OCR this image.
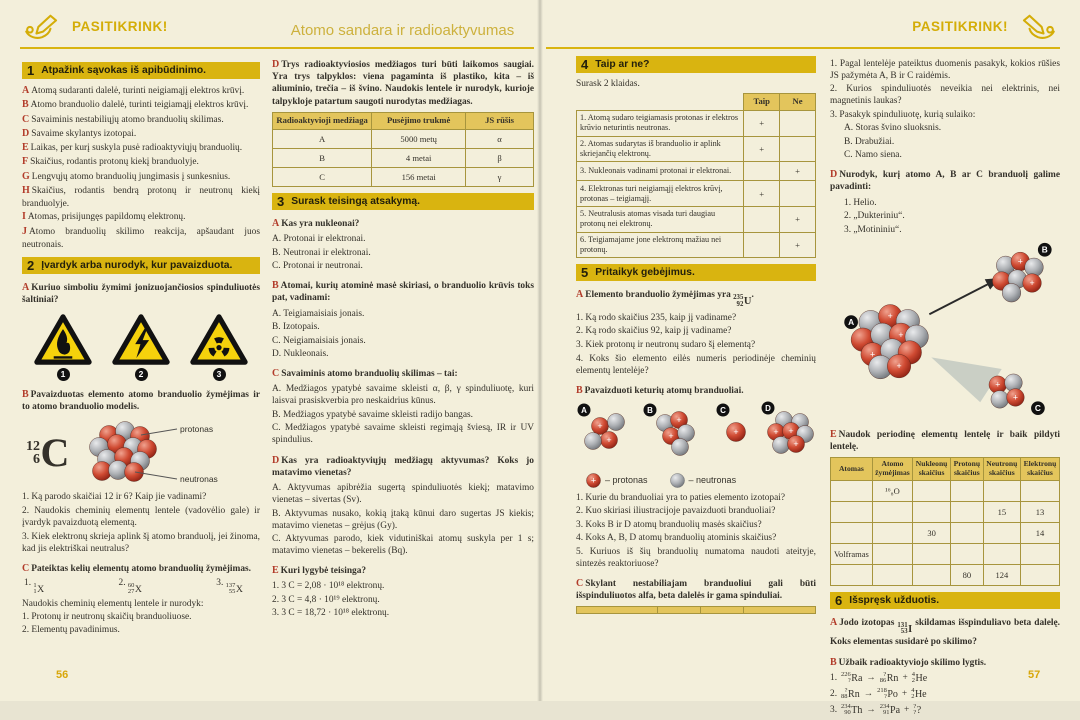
PASITIKRINK!	Atomo sandara ir radioaktyvumas	PASITIKRINK!
1 Atpažink sąvokas iš apibūdinimo.
A Atomą sudaranti dalelė, turinti neigiamąjį elektros krūvį.
B Atomo branduolio dalelė, turinti teigiamąjį elektros krūvį.
C Savaiminis nestabiliųjų atomo branduolių skilimas.
D Savaime skylantys izotopai.
E Laikas, per kurį suskyla pusė radioaktyviųjų branduolių.
F Skaičius, rodantis protonų kiekį branduolyje.
G Lengvųjų atomo branduolių jungimasis į sunkesnius.
H Skaičius, rodantis bendrą protonų ir neutronų kiekį branduolyje.
I Atomas, prisijungęs papildomų elektronų.
J Atomo branduolių skilimo reakcija, apšaudant juos neutronais.
2 Įvardyk arba nurodyk, kur pavaizduota.

A Kuriuo simboliu žymimi jonizuojančiosios spinduliuotės šaltiniai?

1	2	3

B Pavaizduotas elemento atomo branduolio žymėjimas ir to atomo branduolio modelis.

12
6 C
protonas
neutronas
1. Ką parodo skaičiai 12 ir 6? Kaip jie vadinami?
2. Naudokis cheminių elementų lentele (vadovėlio gale) ir įvardyk pavaizduotą elementą.
3. Kiek elektronų skrieja aplink šį atomo branduolį, jei žinoma, kad jis elektriškai neutralus?

C Pateiktas kelių elementų atomo branduolių žymėjimas.

1. 1
1 X
2. 60
27 X
3. 137
55 X
Naudokis cheminių elementų lentele ir nurodyk:
1. Protonų ir neutronų skaičių branduoliuose.
2. Elementų pavadinimus.

D Trys radioaktyviosios medžiagos turi būti laikomos saugiai. Yra trys talpyklos: viena pagaminta iš plastiko, kita – iš aliuminio, trečia – iš švino. Naudokis lentele ir nurodyk, kurioje talpykloje patartum saugoti nurodytas medžiagas.

Radioaktyvioji medžiaga	Pusėjimo trukmė	JS rūšis
A	5000 metų	α
B	4 metai	β
C	156 metai	γ
3 Surask teisingą atsakymą.

A Kas yra nukleonai?

A. Protonai ir elektronai.
B. Neutronai ir elektronai.
C. Protonai ir neutronai.

B Atomai, kurių atominė masė skiriasi, o branduolio krūvis toks pat, vadinami:

A. Teigiamaisiais jonais.
B. Izotopais.
C. Neigiamaisiais jonais.
D. Nukleonais.

C Savaiminis atomo branduolių skilimas – tai:

A. Medžiagos ypatybė savaime skleisti α, β, γ spinduliuotę, kuri laisvai prasiskverbia pro neskaidrius kūnus.
B. Medžiagos ypatybė savaime skleisti radijo bangas.
C. Medžiagos ypatybė savaime skleisti regimąją šviesą, IR ir UV spindulius.

D Kas yra radioaktyviųjų medžiagų aktyvumas? Koks jo matavimo vienetas?

A. Aktyvumas apibrėžia sugertą spinduliuotės kiekį; matavimo vienetas – sivertas (Sv).
B. Aktyvumas nusako, kokią įtaką kūnui daro sugertas JS kiekis; matavimo vienetas – grėjus (Gy).
C. Aktyvumas parodo, kiek vidutiniškai atomų suskyla per 1 s; matavimo vienetas – bekerelis (Bq).

E Kuri lygybė teisinga?

1. 3 C = 2,08 · 10¹⁸ elektronų.
2. 3 C = 4,8 · 10¹⁹ elektronų.
3. 3 C = 18,72 · 10¹⁸ elektronų.
4 Taip ar ne?
Surask 2 klaidas.
	Taip	Ne
1. Atomą sudaro teigiamasis protonas ir elektros krūvio neturintis neutronas.	+	
2. Atomas sudarytas iš branduolio ir aplink skriejančių elektronų.	+	
3. Nukleonais vadinami protonai ir elektronai.		+
4. Elektronas turi neigiamąjį elektros krūvį, protonas – teigiamąjį.	+	
5. Neutralusis atomas visada turi daugiau protonų nei elektronų.		+
6. Teigiamajame jone elektronų mažiau nei protonų.		+
5 Pritaikyk gebėjimus.

A Elemento branduolio žymėjimas yra 235
92 U
.

1. Ką rodo skaičius 235, kaip jį vadiname?
2. Ką rodo skaičius 92, kaip jį vadiname?
3. Kiek protonų ir neutronų sudaro šį elementą?
4. Koks šio elemento eilės numeris periodinėje cheminių elementų lentelėje?

B Pavaizduoti keturių atomų branduoliai.

+
+
+
+	+	+ +
+
A	B	C	D
+ – protonas	– neutronas
1. Kurie du branduoliai yra to paties elemento izotopai?
2. Kuo skiriasi iliustracijoje pavaizduoti branduoliai?
3. Koks B ir D atomų branduolių masės skaičius?
4. Koks A, B, D atomų branduolių atominis skaičius?
5. Kuriuos iš šių branduolių numatoma naudoti ateityje, sintezės reaktoriuose?

C Skylant nestabiliajam branduoliui gali būti išspinduliuotos alfa, beta dalelės ir gama spinduliai.

1. Pagal lentelėje pateiktus duomenis pasakyk, kokios rūšies JS pažymėta A, B ir C raidėmis.
2. Kurios spinduliuotės neveikia nei elektrinis, nei magnetinis laukas?
3. Pasakyk spinduliuotę, kurią sulaiko:
A. Storas švino sluoksnis.
B. Drabužiai.
C. Namo siena.

D Nurodyk, kurį atomo A, B ar C branduolį galime pavadinti:

1. Helio.
2. „Dukteriniu“.
3. „Motininiu“.
+
+
+
+
+
+
+
+
A
B
C

E Naudok periodinę elementų lentelę ir baik pildyti lentelę.

Atomas	Atomo žymėjimas	Nukleonų skaičius	Protonų skaičius	Neutronų skaičius	Elektronų skaičius
	¹⁶₈O				
				15	13
		30			14
Volframas					
			80	124	
6 Išspręsk užduotis.

A Jodo izotopas 131
53 I
skildamas išspinduliavo beta dalelę. Koks elementas susidarė po skilimo?

B Užbaik radioaktyviojo skilimo lygtis.

1. 226
? Ra → ?
86 Rn + 4
2 He
2. ?
88 Rn → 218
? Po + 4
2 He
3. 234
90 Th → 234
91 Pa + ?
? ?
56	57
